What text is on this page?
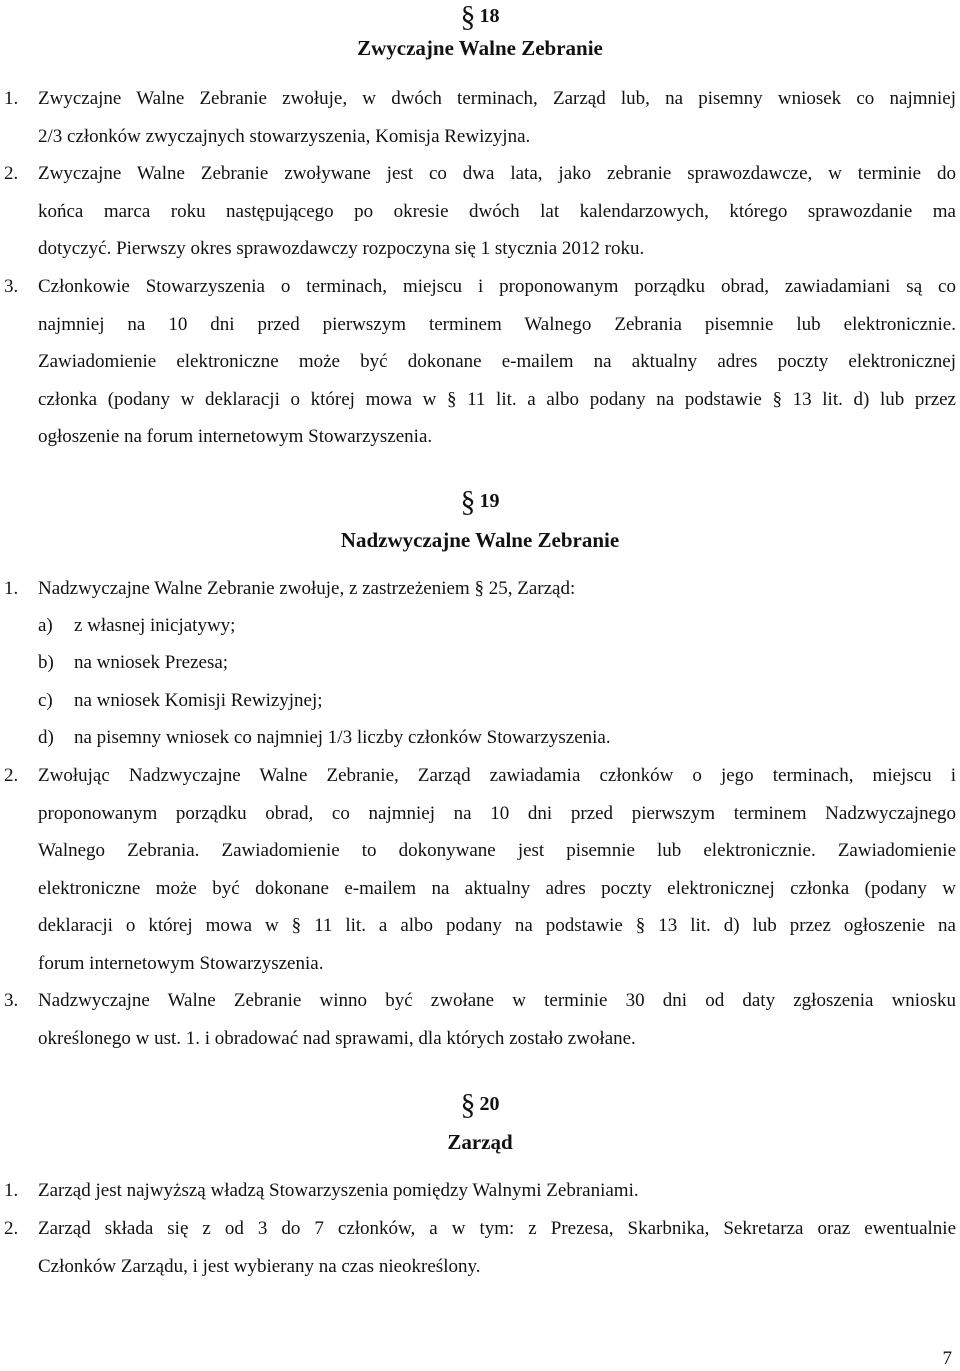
§ 18
Zwyczajne Walne Zebranie
1.	Zwyczajne Walne Zebranie zwołuje, w dwóch terminach, Zarząd lub, na pisemny wniosek co najmniej
2/3 członków zwyczajnych stowarzyszenia, Komisja Rewizyjna.
2.	Zwyczajne Walne Zebranie zwoływane jest co dwa lata, jako zebranie sprawozdawcze, w terminie do
końca marca roku następującego po okresie dwóch lat kalendarzowych, którego sprawozdanie ma
dotyczyć. Pierwszy okres sprawozdawczy rozpoczyna się 1 stycznia 2012 roku.
3.	Członkowie Stowarzyszenia o terminach, miejscu i proponowanym porządku obrad, zawiadamiani są co
najmniej na 10 dni przed pierwszym terminem Walnego Zebrania pisemnie lub elektronicznie.
Zawiadomienie elektroniczne może być dokonane e-mailem na aktualny adres poczty elektronicznej
członka (podany w deklaracji o której mowa w § 11 lit. a albo podany na podstawie § 13 lit. d) lub przez
ogłoszenie na forum internetowym Stowarzyszenia.
§ 19
Nadzwyczajne Walne Zebranie
1.	Nadzwyczajne Walne Zebranie zwołuje, z zastrzeżeniem § 25, Zarząd:
a)	z własnej inicjatywy;
b)	na wniosek Prezesa;
c)	na wniosek Komisji Rewizyjnej;
d)	na pisemny wniosek co najmniej 1/3 liczby członków Stowarzyszenia.
2.	Zwołując Nadzwyczajne Walne Zebranie, Zarząd zawiadamia członków o jego terminach, miejscu i
proponowanym porządku obrad, co najmniej na 10 dni przed pierwszym terminem Nadzwyczajnego
Walnego Zebrania. Zawiadomienie to dokonywane jest pisemnie lub elektronicznie. Zawiadomienie
elektroniczne może być dokonane e-mailem na aktualny adres poczty elektronicznej członka (podany w
deklaracji o której mowa w § 11 lit. a albo podany na podstawie § 13 lit. d) lub przez ogłoszenie na
forum internetowym Stowarzyszenia.
3.	Nadzwyczajne Walne Zebranie winno być zwołane w terminie 30 dni od daty zgłoszenia wniosku
określonego w ust. 1. i obradować nad sprawami, dla których zostało zwołane.
§ 20
Zarząd
1.	Zarząd jest najwyższą władzą Stowarzyszenia pomiędzy Walnymi Zebraniami.
2.	Zarząd składa się z od 3 do 7 członków, a w tym: z Prezesa, Skarbnika, Sekretarza oraz ewentualnie
Członków Zarządu, i jest wybierany na czas nieokreślony.
7
